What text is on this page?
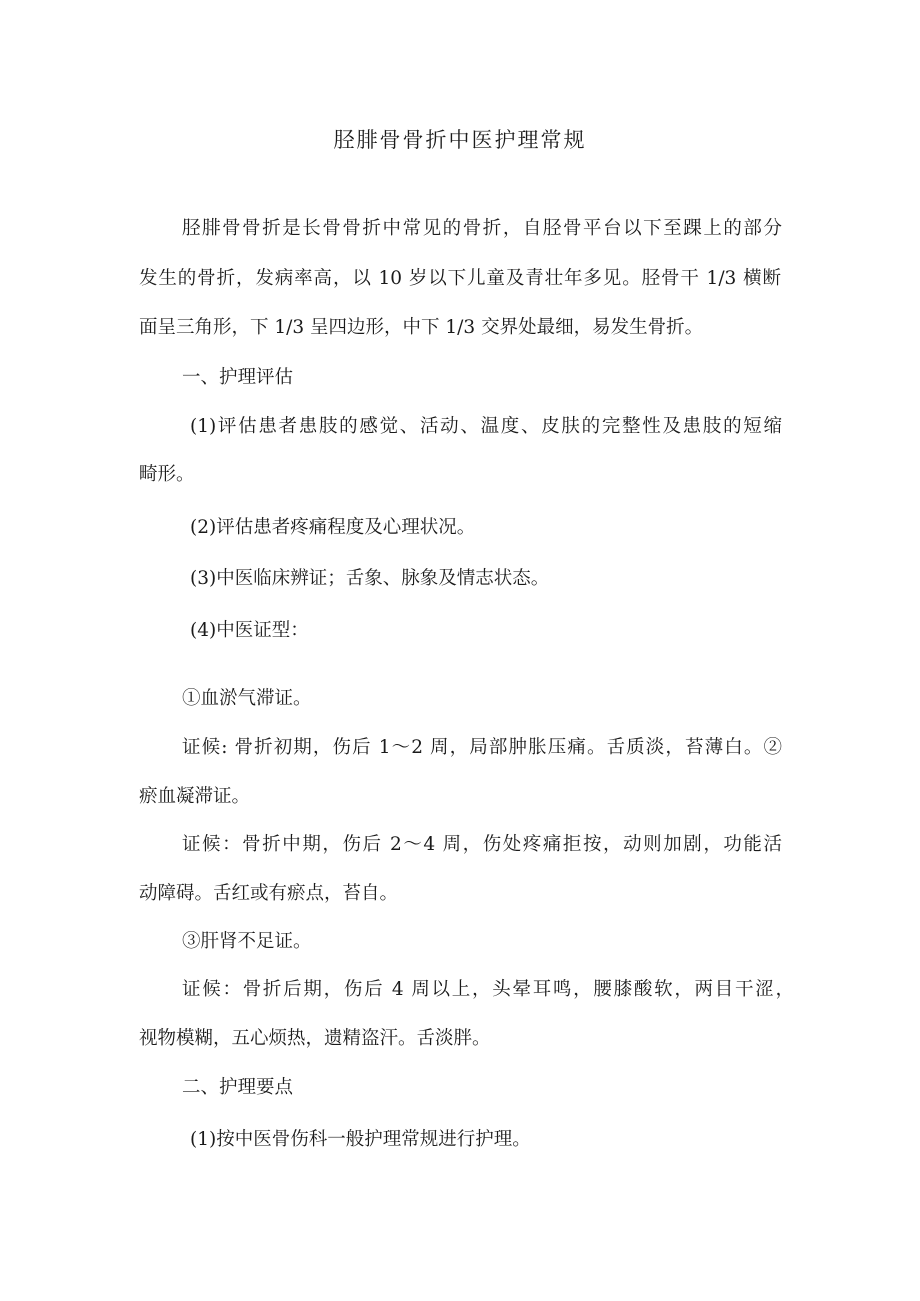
胫腓骨骨折中医护理常规
胫腓骨骨折是长骨骨折中常见的骨折，自胫骨平台以下至踝上的部分
发生的骨折，发病率高，以 10 岁以下儿童及青壮年多见。胫骨干 1/3 横断
面呈三角形，下 1/3 呈四边形，中下 1/3 交界处最细，易发生骨折。
一、护理评估
(1)评估患者患肢的感觉、活动、温度、皮肤的完整性及患肢的短缩
畸形。
(2)评估患者疼痛程度及心理状况。
(3)中医临床辨证；舌象、脉象及情志状态。
(4)中医证型：
①血淤气滞证。
证候: 骨折初期，伤后 1～2 周，局部肿胀压痛。舌质淡，苔薄白。②
瘀血凝滞证。
证候：骨折中期，伤后 2～4 周，伤处疼痛拒按，动则加剧，功能活
动障碍。舌红或有瘀点，苔自。
③肝肾不足证。
证候：骨折后期，伤后 4 周以上，头晕耳鸣，腰膝酸软，两目干涩，
视物模糊，五心烦热，遗精盗汗。舌淡胖。
二、护理要点
(1)按中医骨伤科一般护理常规进行护理。
